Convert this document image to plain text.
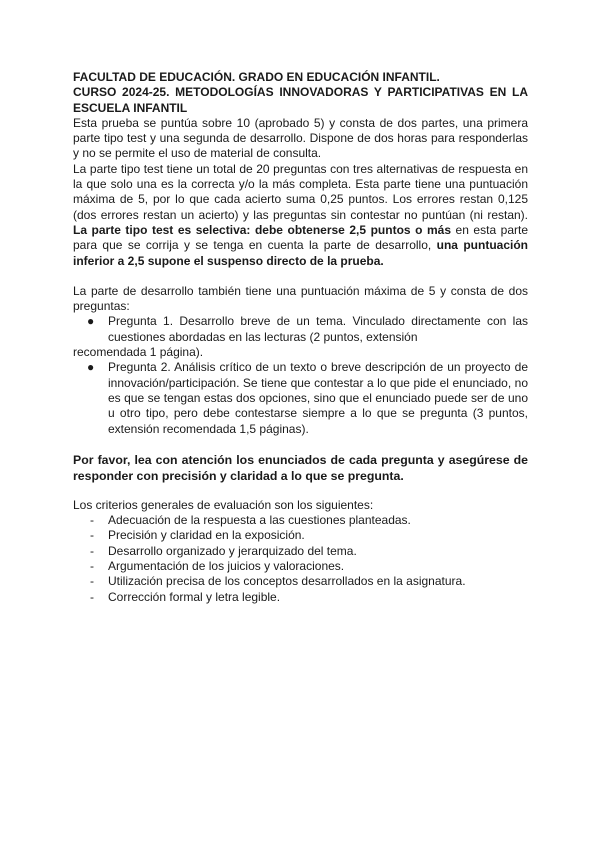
FACULTAD DE EDUCACIÓN. GRADO EN EDUCACIÓN INFANTIL.

CURSO 2024-25. METODOLOGÍAS INNOVADORAS Y PARTICIPATIVAS EN LA ESCUELA INFANTIL

Esta prueba se puntúa sobre 10 (aprobado 5) y consta de dos partes, una primera parte tipo test y una segunda de desarrollo. Dispone de dos horas para responderlas y no se permite el uso de material de consulta.

La parte tipo test tiene un total de 20 preguntas con tres alternativas de respuesta en la que solo una es la correcta y/o la más completa. Esta parte tiene una puntuación máxima de 5, por lo que cada acierto suma 0,25 puntos. Los errores restan 0,125 (dos errores restan un acierto) y las preguntas sin contestar no puntúan (ni restan). La parte tipo test es selectiva: debe obtenerse 2,5 puntos o más en esta parte para que se corrija y se tenga en cuenta la parte de desarrollo, una puntuación inferior a 2,5 supone el suspenso directo de la prueba.

La parte de desarrollo también tiene una puntuación máxima de 5 y consta de dos preguntas:

● Pregunta 1. Desarrollo breve de un tema. Vinculado directamente con las cuestiones abordadas en las lecturas (2 puntos, extensión

recomendada 1 página).

● Pregunta 2. Análisis crítico de un texto o breve descripción de un proyecto de innovación/participación. Se tiene que contestar a lo que pide el enunciado, no es que se tengan estas dos opciones, sino que el enunciado puede ser de uno u otro tipo, pero debe contestarse siempre a lo que se pregunta (3 puntos, extensión recomendada 1,5 páginas).

Por favor, lea con atención los enunciados de cada pregunta y asegúrese de responder con precisión y claridad a lo que se pregunta.

Los criterios generales de evaluación son los siguientes:

- Adecuación de la respuesta a las cuestiones planteadas.
- Precisión y claridad en la exposición.
- Desarrollo organizado y jerarquizado del tema.
- Argumentación de los juicios y valoraciones.
- Utilización precisa de los conceptos desarrollados en la asignatura.
- Corrección formal y letra legible.
